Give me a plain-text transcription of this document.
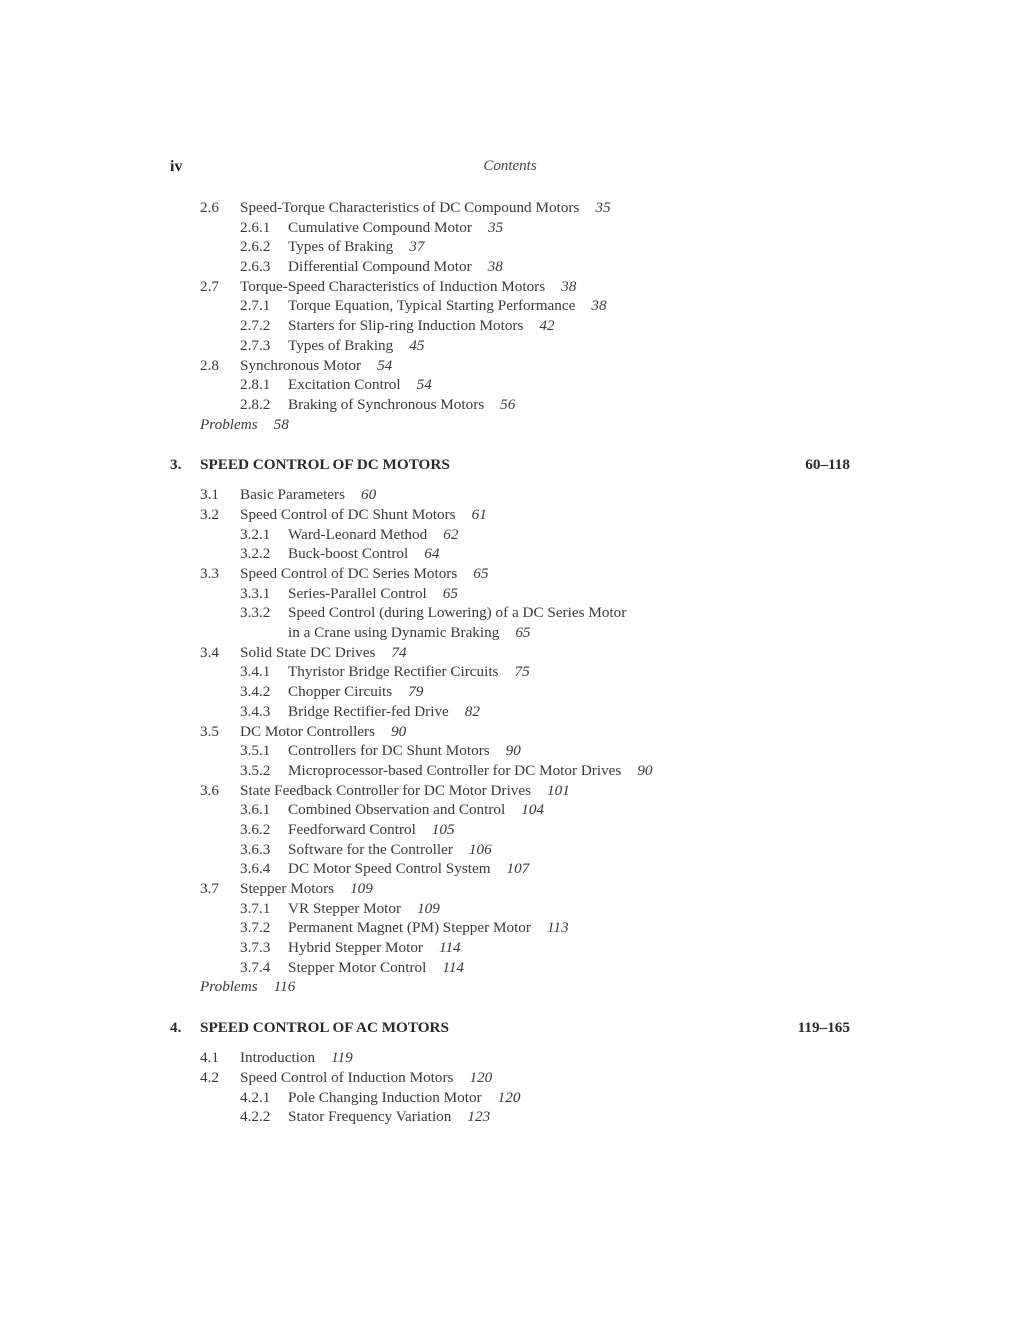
iv	Contents
2.6 Speed-Torque Characteristics of DC Compound Motors 35
2.6.1 Cumulative Compound Motor 35
2.6.2 Types of Braking 37
2.6.3 Differential Compound Motor 38
2.7 Torque-Speed Characteristics of Induction Motors 38
2.7.1 Torque Equation, Typical Starting Performance 38
2.7.2 Starters for Slip-ring Induction Motors 42
2.7.3 Types of Braking 45
2.8 Synchronous Motor 54
2.8.1 Excitation Control 54
2.8.2 Braking of Synchronous Motors 56
Problems 58
3. SPEED CONTROL OF DC MOTORS	60–118
3.1 Basic Parameters 60
3.2 Speed Control of DC Shunt Motors 61
3.2.1 Ward-Leonard Method 62
3.2.2 Buck-boost Control 64
3.3 Speed Control of DC Series Motors 65
3.3.1 Series-Parallel Control 65
3.3.2 Speed Control (during Lowering) of a DC Series Motor
in a Crane using Dynamic Braking 65
3.4 Solid State DC Drives 74
3.4.1 Thyristor Bridge Rectifier Circuits 75
3.4.2 Chopper Circuits 79
3.4.3 Bridge Rectifier-fed Drive 82
3.5 DC Motor Controllers 90
3.5.1 Controllers for DC Shunt Motors 90
3.5.2 Microprocessor-based Controller for DC Motor Drives 90
3.6 State Feedback Controller for DC Motor Drives 101
3.6.1 Combined Observation and Control 104
3.6.2 Feedforward Control 105
3.6.3 Software for the Controller 106
3.6.4 DC Motor Speed Control System 107
3.7 Stepper Motors 109
3.7.1 VR Stepper Motor 109
3.7.2 Permanent Magnet (PM) Stepper Motor 113
3.7.3 Hybrid Stepper Motor 114
3.7.4 Stepper Motor Control 114
Problems 116
4. SPEED CONTROL OF AC MOTORS	119–165
4.1 Introduction 119
4.2 Speed Control of Induction Motors 120
4.2.1 Pole Changing Induction Motor 120
4.2.2 Stator Frequency Variation 123
